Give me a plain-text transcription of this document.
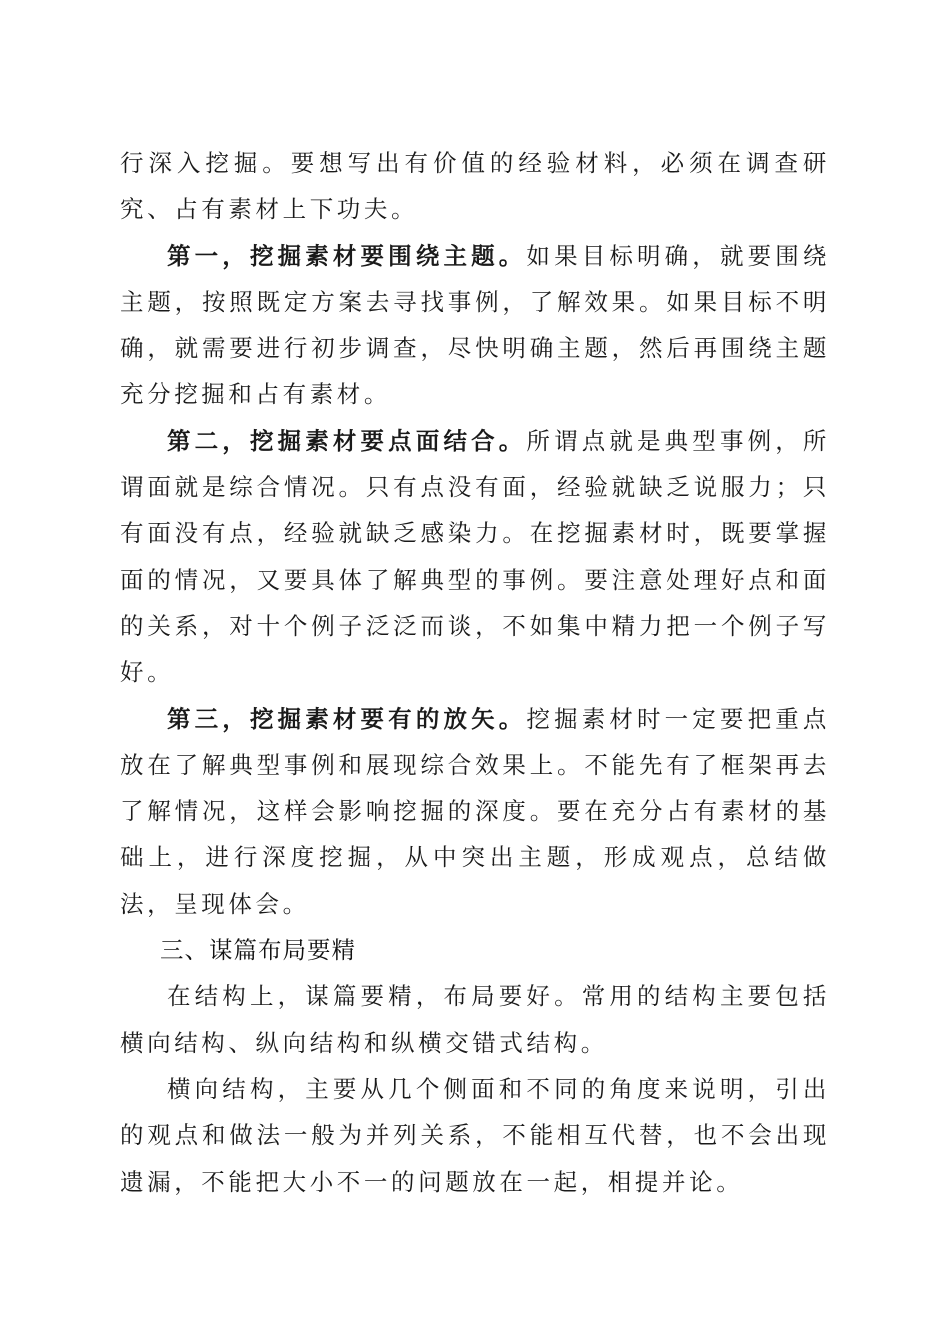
行深入挖掘。要想写出有价值的经验材料，必须在调查研究、占有素材上下功夫。

第一，挖掘素材要围绕主题。如果目标明确，就要围绕主题，按照既定方案去寻找事例，了解效果。如果目标不明确，就需要进行初步调查，尽快明确主题，然后再围绕主题充分挖掘和占有素材。

第二，挖掘素材要点面结合。所谓点就是典型事例，所谓面就是综合情况。只有点没有面，经验就缺乏说服力；只有面没有点，经验就缺乏感染力。在挖掘素材时，既要掌握面的情况，又要具体了解典型的事例。要注意处理好点和面的关系，对十个例子泛泛而谈，不如集中精力把一个例子写好。

第三，挖掘素材要有的放矢。挖掘素材时一定要把重点放在了解典型事例和展现综合效果上。不能先有了框架再去了解情况，这样会影响挖掘的深度。要在充分占有素材的基础上，进行深度挖掘，从中突出主题，形成观点，总结做法，呈现体会。

三、谋篇布局要精

在结构上，谋篇要精，布局要好。常用的结构主要包括横向结构、纵向结构和纵横交错式结构。

横向结构，主要从几个侧面和不同的角度来说明，引出的观点和做法一般为并列关系，不能相互代替，也不会出现遗漏，不能把大小不一的问题放在一起，相提并论。
